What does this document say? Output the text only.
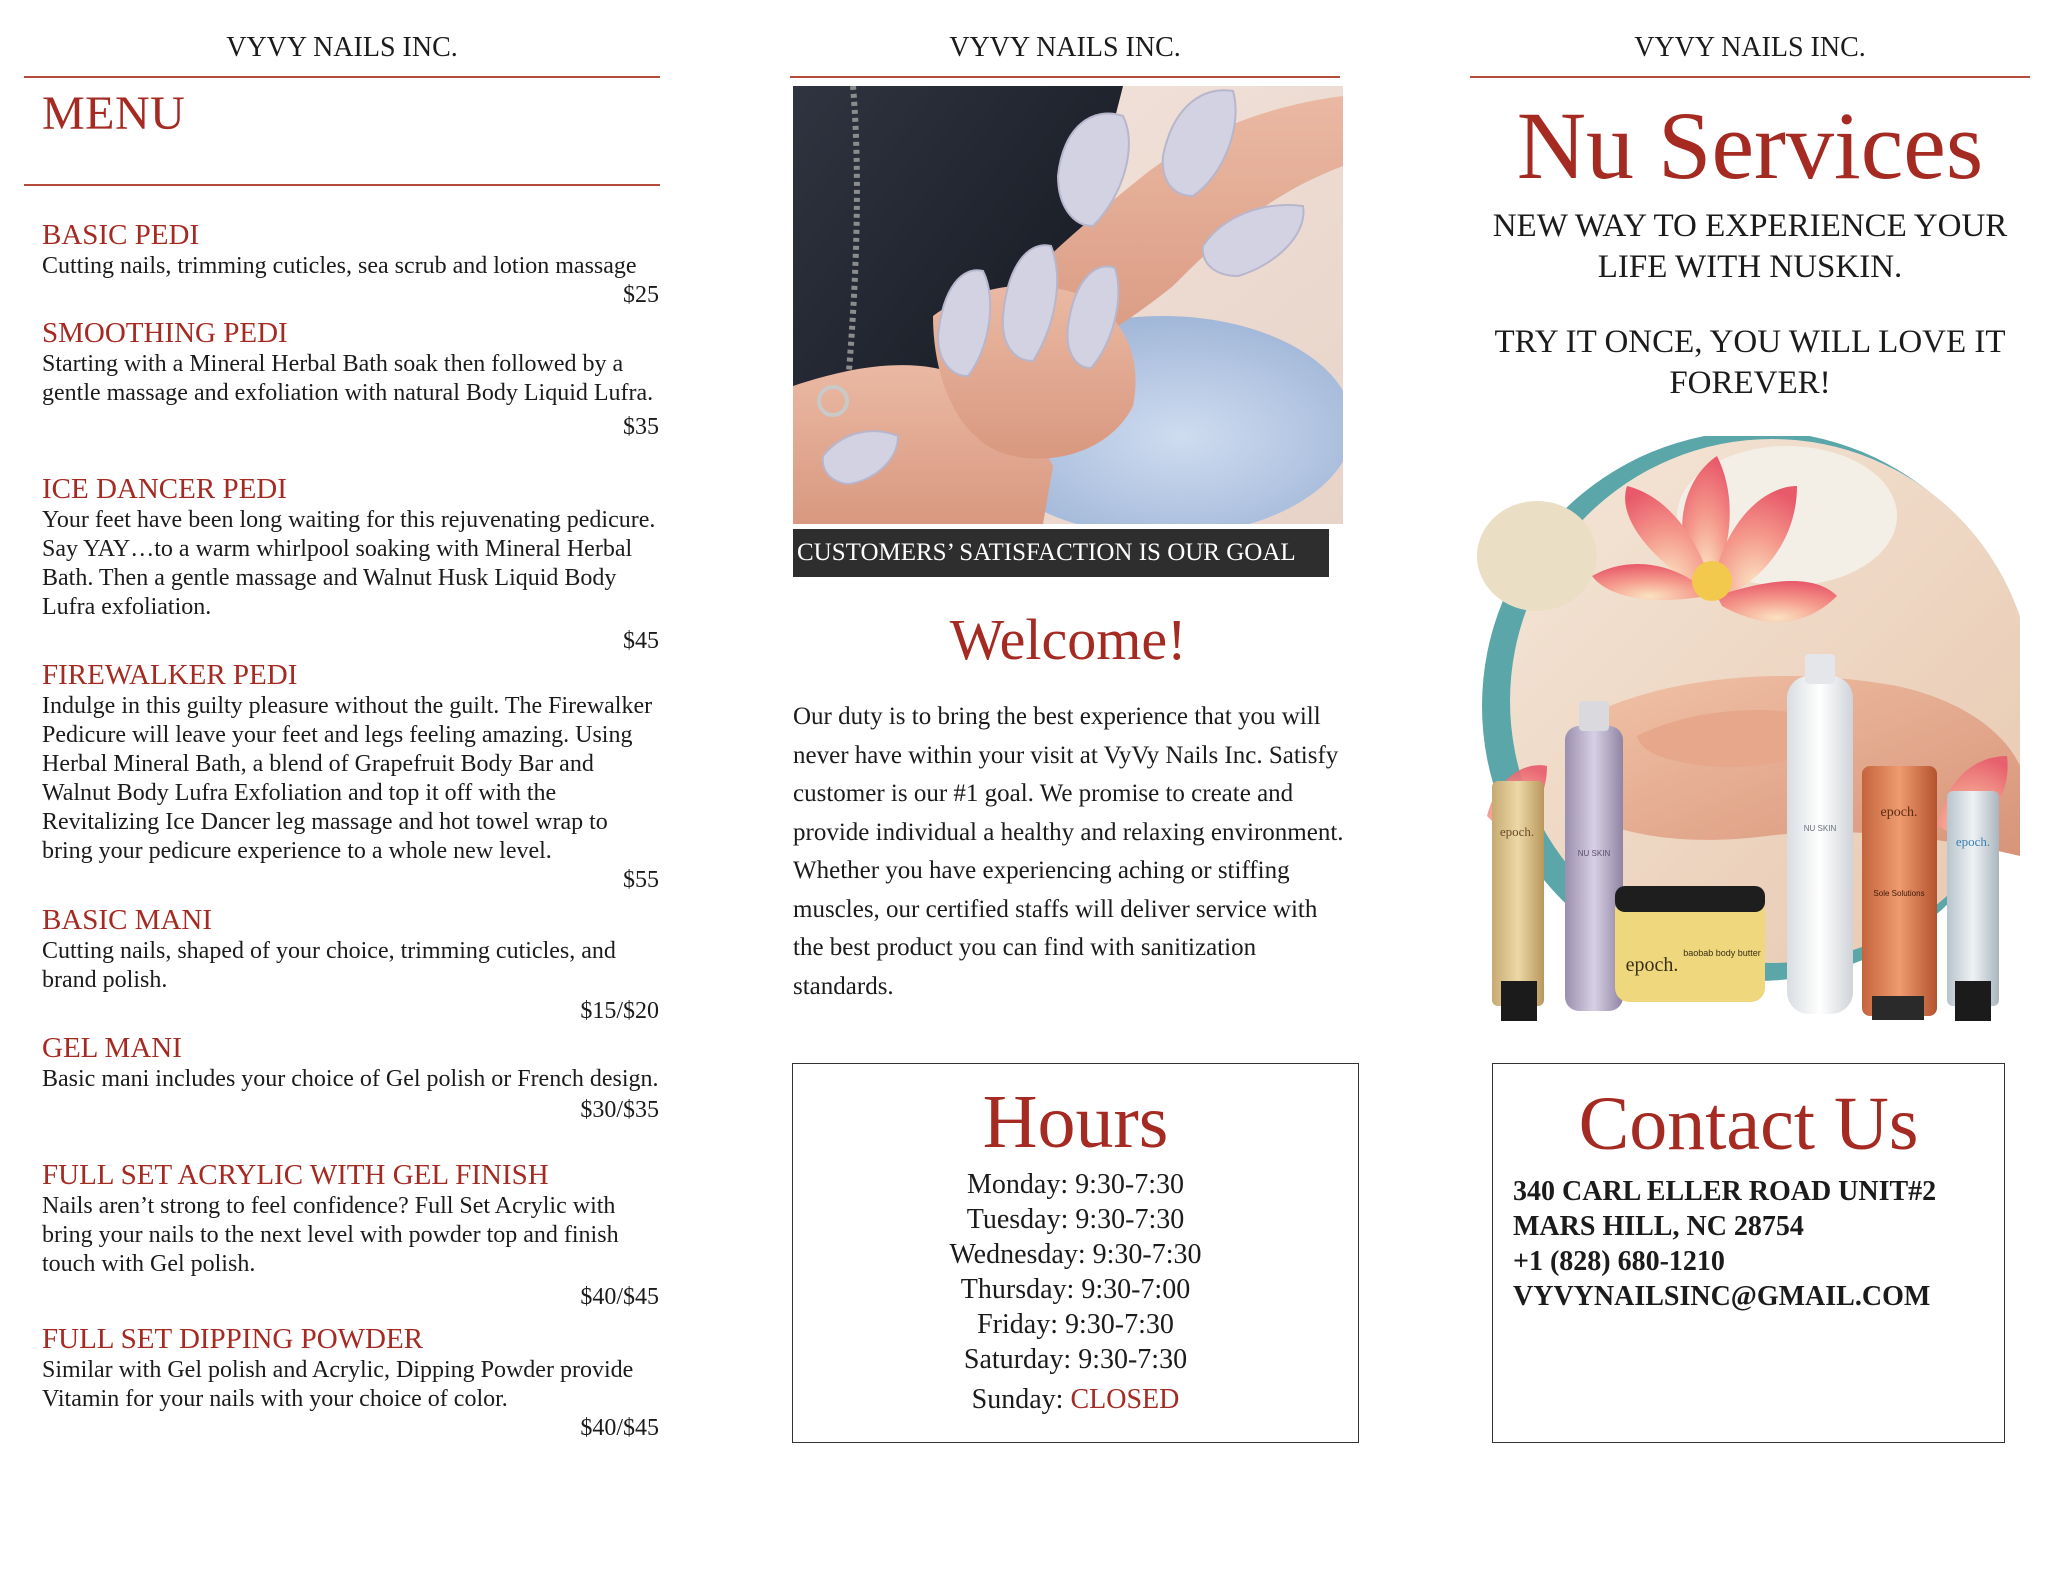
VYVY NAILS INC.	VYVY NAILS INC.	VYVY NAILS INC.
MENU
BASIC PEDI
Cutting nails, trimming cuticles, sea scrub and lotion massage
$25
SMOOTHING PEDI
Starting with a Mineral Herbal Bath soak then followed by a gentle massage and exfoliation with natural Body Liquid Lufra.
$35
ICE DANCER PEDI
Your feet have been long waiting for this rejuvenating pedicure. Say YAY…to a warm whirlpool soaking with Mineral Herbal Bath. Then a gentle massage and Walnut Husk Liquid Body Lufra exfoliation.
$45
FIREWALKER PEDI
Indulge in this guilty pleasure without the guilt. The Firewalker Pedicure will leave your feet and legs feeling amazing. Using Herbal Mineral Bath, a blend of Grapefruit Body Bar and Walnut Body Lufra Exfoliation and top it off with the Revitalizing Ice Dancer leg massage and hot towel wrap to bring your pedicure experience to a whole new level.
$55
BASIC MANI
Cutting nails, shaped of your choice, trimming cuticles, and brand polish.
$15/$20
GEL MANI
Basic mani includes your choice of Gel polish or French design.
$30/$35
FULL SET ACRYLIC WITH GEL FINISH
Nails aren’t strong to feel confidence? Full Set Acrylic with bring your nails to the next level with powder top and finish touch with Gel polish.
$40/$45
FULL SET DIPPING POWDER
Similar with Gel polish and Acrylic, Dipping Powder provide Vitamin for your nails with your choice of color.
$40/$45
CUSTOMERS’ SATISFACTION IS OUR GOAL
Welcome!
Our duty is to bring the best experience that you will never have within your visit at VyVy Nails Inc. Satisfy customer is our #1 goal. We promise to create and provide individual a healthy and relaxing environment. Whether you have experiencing aching or stiffing muscles, our certified staffs will deliver service with the best product you can find with sanitization standards.
Hours
Monday: 9:30-7:30
Tuesday: 9:30-7:30
Wednesday: 9:30-7:30
Thursday: 9:30-7:00
Friday: 9:30-7:30
Saturday: 9:30-7:30
Sunday: CLOSED
Nu Services
NEW WAY TO EXPERIENCE YOUR LIFE WITH NUSKIN.
TRY IT ONCE, YOU WILL LOVE IT FOREVER!
epoch.
NU SKIN
epoch.
baobab body butter
NU SKIN
epoch.
Sole Solutions
epoch.
Contact Us
340 CARL ELLER ROAD UNIT#2
MARS HILL, NC 28754
+1 (828) 680-1210
VYVYNAILSINC@GMAIL.COM
